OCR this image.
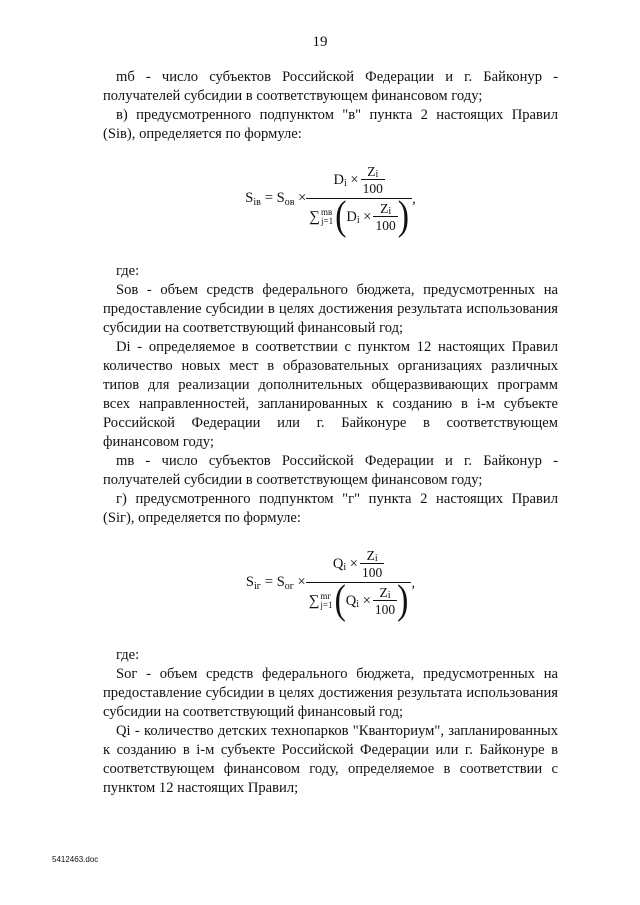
19

mб - число субъектов Российской Федерации и г. Байконур - получателей субсидии в соответствующем финансовом году;

в) предусмотренного подпунктом "в" пункта 2 настоящих Правил (Sів), определяется по формуле:

$S_{iв} = S_{ов}$ ×
D i
× $\frac{\text{Z i}}{100}$
∑ mв
j=1 ( D i
× $\frac{\text{Z i}}{100}$ ) ,

где:

Sов - объем средств федерального бюджета, предусмотренных на предоставление субсидии в целях достижения результата использования субсидии на соответствующий финансовый год;

Dі - определяемое в соответствии с пунктом 12 настоящих Правил количество новых мест в образовательных организациях различных типов для реализации дополнительных общеразвивающих программ всех направленностей, запланированных к созданию в i-м субъекте Российской Федерации или г. Байконуре в соответствующем финансовом году;

mв - число субъектов Российской Федерации и г. Байконур - получателей субсидии в соответствующем финансовом году;

г) предусмотренного подпунктом "г" пункта 2 настоящих Правил (Sіг), определяется по формуле:

$S_{iг} = S_{ог}$ ×
Q i
× $\frac{\text{Z i}}{100}$
∑ mг
j=1 ( Q i
× $\frac{\text{Z i}}{100}$ ) ,

где:

Sог - объем средств федерального бюджета, предусмотренных на предоставление субсидии в целях достижения результата использования субсидии на соответствующий финансовый год;

Qі - количество детских технопарков "Кванториум", запланированных к созданию в i-м субъекте Российской Федерации или г. Байконуре в соответствующем финансовом году, определяемое в соответствии с пунктом 12 настоящих Правил;

5412463.doc
